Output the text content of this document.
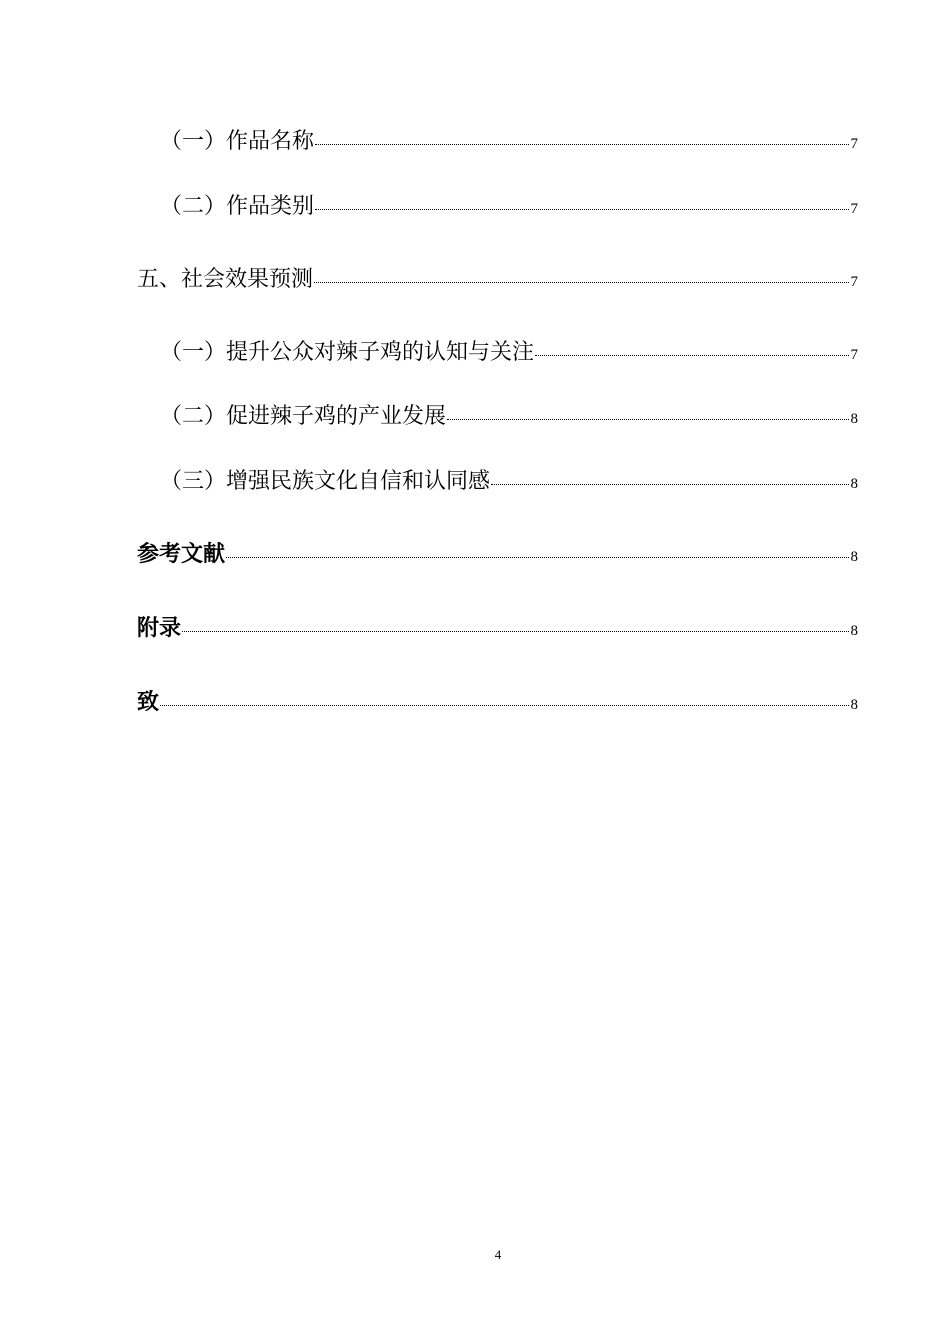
（一）作品名称	7
（二）作品类别	7
五、社会效果预测	7
（一）提升公众对辣子鸡的认知与关注	7
（二）促进辣子鸡的产业发展	8
（三）增强民族文化自信和认同感	8
参考文献	8
附录	8
致	8
4
